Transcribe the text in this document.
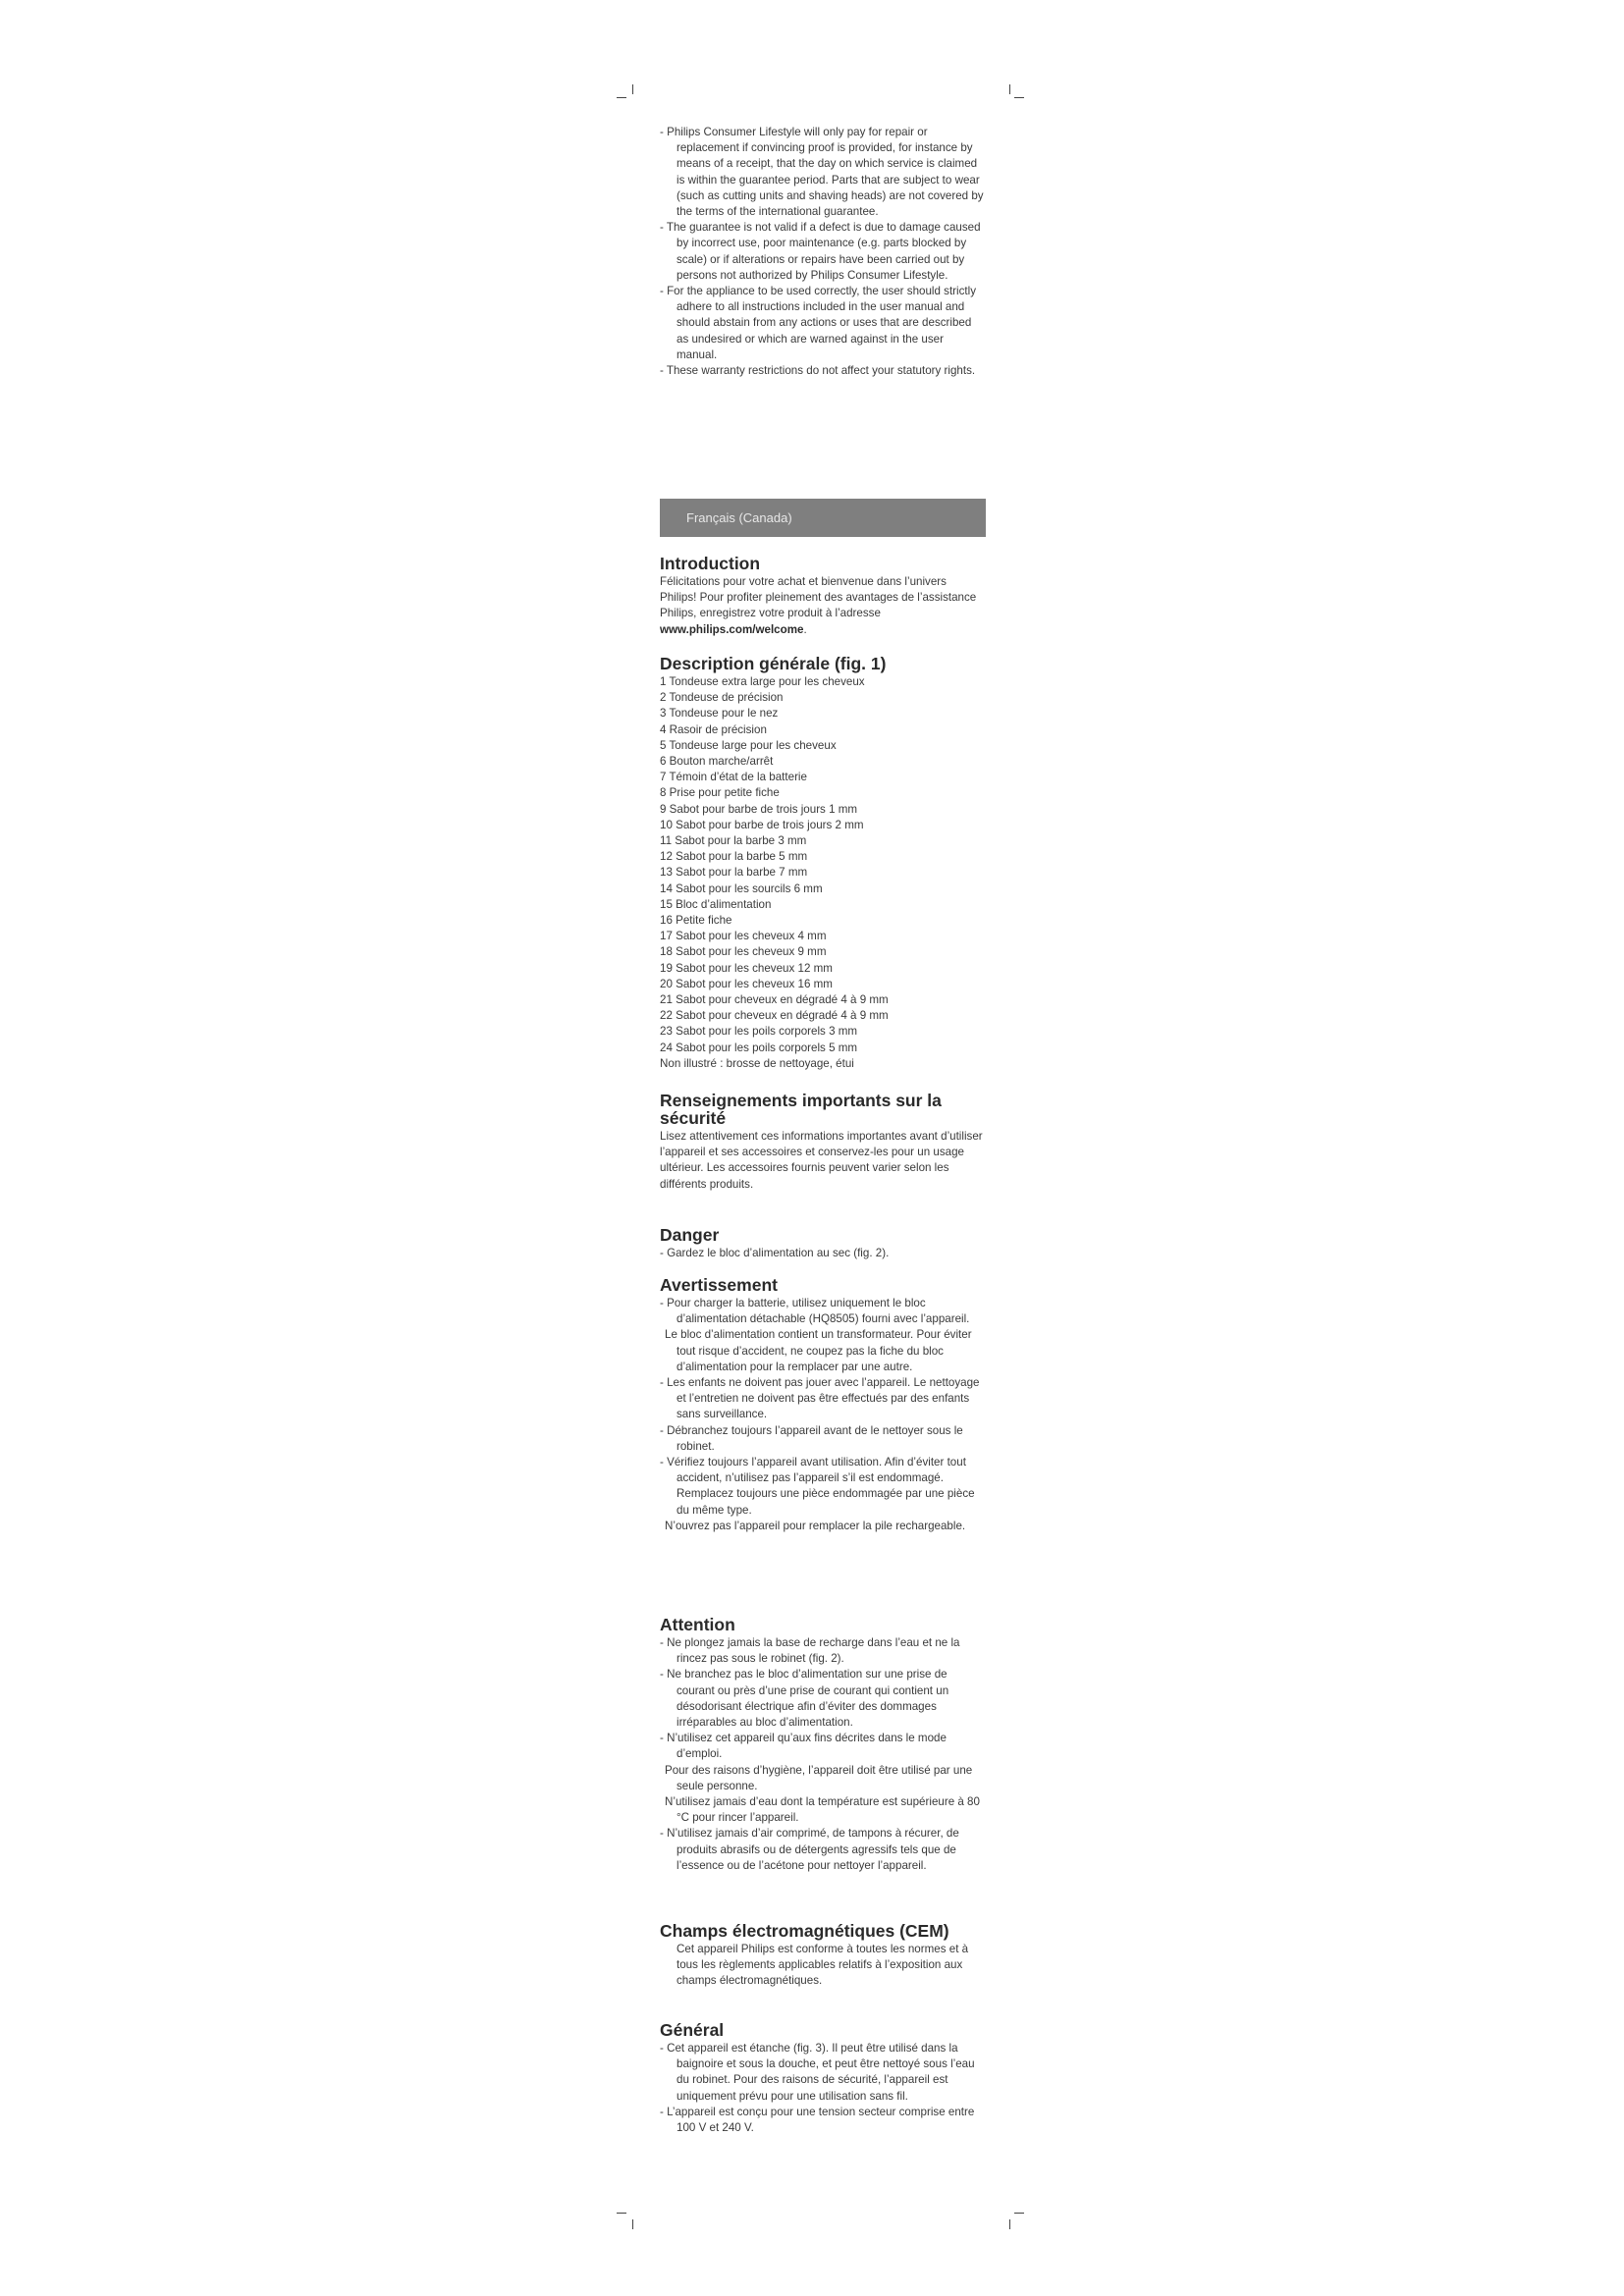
- Philips Consumer Lifestyle will only pay for repair or replacement if convincing proof is provided, for instance by means of a receipt, that the day on which service is claimed is within the guarantee period. Parts that are subject to wear (such as cutting units and shaving heads) are not covered by the terms of the international guarantee.

- The guarantee is not valid if a defect is due to damage caused by incorrect use, poor maintenance (e.g. parts blocked by scale) or if alterations or repairs have been carried out by persons not authorized by Philips Consumer Lifestyle.

- For the appliance to be used correctly, the user should strictly adhere to all instructions included in the user manual and should abstain from any actions or uses that are described as undesired or which are warned against in the user manual.

- These warranty restrictions do not affect your statutory rights.

Français (Canada)
Introduction

Félicitations pour votre achat et bienvenue dans l’univers Philips! Pour profiter pleinement des avantages de l’assistance Philips, enregistrez votre produit à l’adresse www.philips.com/welcome.

Description générale (fig. 1)
1 Tondeuse extra large pour les cheveux
2 Tondeuse de précision
3 Tondeuse pour le nez
4 Rasoir de précision
5 Tondeuse large pour les cheveux
6 Bouton marche/arrêt
7 Témoin d’état de la batterie
8 Prise pour petite fiche
9 Sabot pour barbe de trois jours 1 mm
10 Sabot pour barbe de trois jours 2 mm
11 Sabot pour la barbe 3 mm
12 Sabot pour la barbe 5 mm
13 Sabot pour la barbe 7 mm
14 Sabot pour les sourcils 6 mm
15 Bloc d’alimentation
16 Petite fiche
17 Sabot pour les cheveux 4 mm
18 Sabot pour les cheveux 9 mm
19 Sabot pour les cheveux 12 mm
20 Sabot pour les cheveux 16 mm
21 Sabot pour cheveux en dégradé 4 à 9 mm
22 Sabot pour cheveux en dégradé 4 à 9 mm
23 Sabot pour les poils corporels 3 mm
24 Sabot pour les poils corporels 5 mm
Non illustré : brosse de nettoyage, étui
Renseignements importants sur la sécurité

Lisez attentivement ces informations importantes avant d’utiliser l’appareil et ses accessoires et conservez-les pour un usage ultérieur. Les accessoires fournis peuvent varier selon les différents produits.

Danger

- Gardez le bloc d’alimentation au sec (fig. 2).

Avertissement

- Pour charger la batterie, utilisez uniquement le bloc d’alimentation détachable (HQ8505) fourni avec l’appareil.

Le bloc d’alimentation contient un transformateur. Pour éviter tout risque d’accident, ne coupez pas la fiche du bloc d’alimentation pour la remplacer par une autre.

- Les enfants ne doivent pas jouer avec l’appareil. Le nettoyage et l’entretien ne doivent pas être effectués par des enfants sans surveillance.

- Débranchez toujours l’appareil avant de le nettoyer sous le robinet.

- Vérifiez toujours l’appareil avant utilisation. Afin d’éviter tout accident, n’utilisez pas l’appareil s’il est endommagé. Remplacez toujours une pièce endommagée par une pièce du même type.

N’ouvrez pas l’appareil pour remplacer la pile rechargeable.

Attention

- Ne plongez jamais la base de recharge dans l’eau et ne la rincez pas sous le robinet (fig. 2).

- Ne branchez pas le bloc d’alimentation sur une prise de courant ou près d’une prise de courant qui contient un désodorisant électrique afin d’éviter des dommages irréparables au bloc d’alimentation.

- N’utilisez cet appareil qu’aux fins décrites dans le mode d’emploi.

Pour des raisons d’hygiène, l’appareil doit être utilisé par une seule personne.

N’utilisez jamais d’eau dont la température est supérieure à 80 °C pour rincer l’appareil.

- N’utilisez jamais d’air comprimé, de tampons à récurer, de produits abrasifs ou de détergents agressifs tels que de l’essence ou de l’acétone pour nettoyer l’appareil.

Champs électromagnétiques (CEM)

Cet appareil Philips est conforme à toutes les normes et à tous les règlements applicables relatifs à l’exposition aux champs électromagnétiques.

Général

- Cet appareil est étanche (fig. 3). Il peut être utilisé dans la baignoire et sous la douche, et peut être nettoyé sous l’eau du robinet. Pour des raisons de sécurité, l’appareil est uniquement prévu pour une utilisation sans fil.

- L’appareil est conçu pour une tension secteur comprise entre 100 V et 240 V.
